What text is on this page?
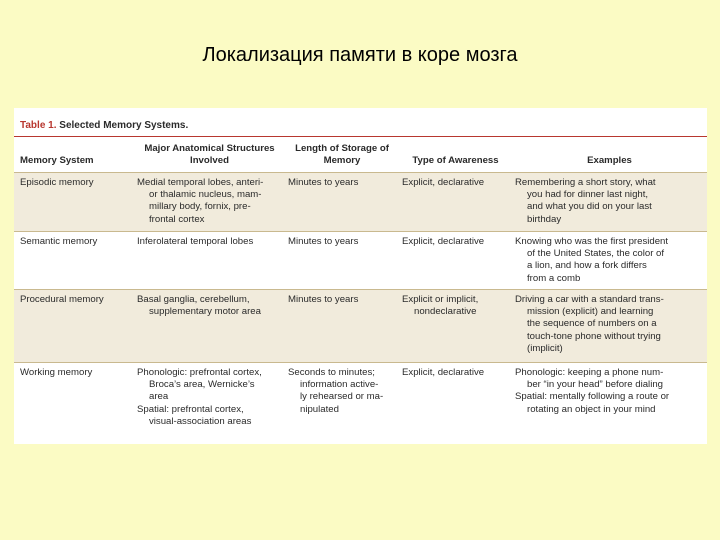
Локализация памяти в коре мозга
Table 1. Selected Memory Systems.
Memory System	Major Anatomical Structures Involved	Length of Storage of Memory	Type of Awareness	Examples
Episodic memory	Medial temporal lobes, anteri-
or thalamic nucleus, mam-
millary body, fornix, pre-
frontal cortex	Minutes to years	Explicit, declarative	Remembering a short story, what
you had for dinner last night,
and what you did on your last
birthday

Semantic memory	Inferolateral temporal lobes	Minutes to years	Explicit, declarative	Knowing who was the first president
of the United States, the color of
a lion, and how a fork differs
from a comb

Procedural memory	Basal ganglia, cerebellum,
supplementary motor area	Minutes to years	Explicit or implicit,
nondeclarative	Driving a car with a standard trans-
mission (explicit) and learning
the sequence of numbers on a
touch-tone phone without trying
(implicit)

Working memory	Phonologic: prefrontal cortex,
Broca’s area, Wernicke’s
area
Spatial: prefrontal cortex,
visual-association areas	Seconds to minutes;
information active-
ly rehearsed or ma-
nipulated	Explicit, declarative	Phonologic: keeping a phone num-
ber “in your head” before dialing
Spatial: mentally following a route or
rotating an object in your mind
